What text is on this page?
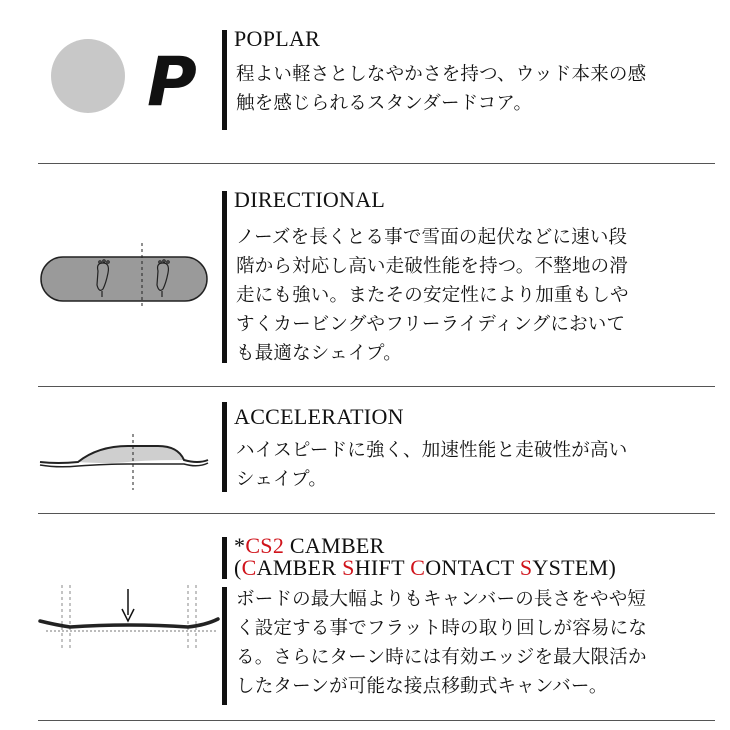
P
POPLAR
程よい軽さとしなやかさを持つ、ウッド本来の感
触を感じられるスタンダードコア。
DIRECTIONAL
ノーズを長くとる事で雪面の起伏などに速い段
階から対応し高い走破性能を持つ。不整地の滑
走にも強い。またその安定性により加重もしや
すくカービングやフリーライディングにおいて
も最適なシェイプ。
ACCELERATION
ハイスピードに強く、加速性能と走破性が高い
シェイプ。
*CS2 CAMBER
(CAMBER SHIFT CONTACT SYSTEM)
ボードの最大幅よりもキャンバーの長さをやや短
く設定する事でフラット時の取り回しが容易にな
る。さらにターン時には有効エッジを最大限活か
したターンが可能な接点移動式キャンバー。
